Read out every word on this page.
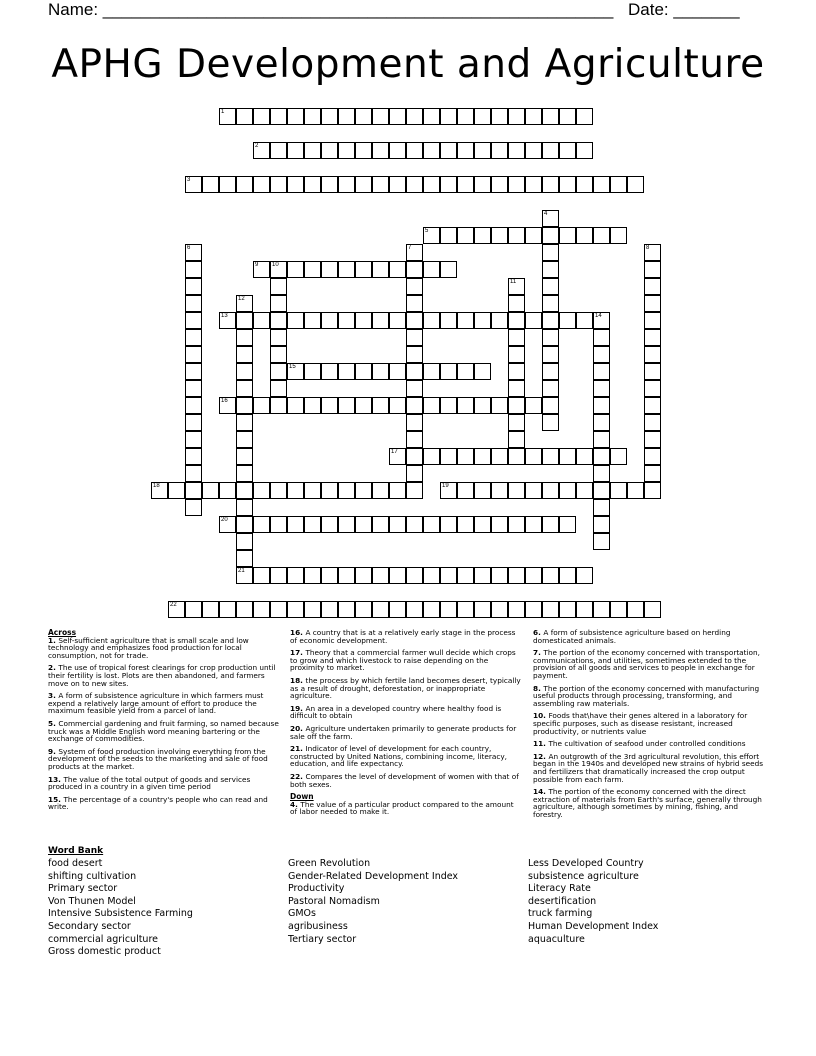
Name: ______________________________________________________ Date: _______
APHG Development and Agriculture
1
2
3
4
5
6	7	8
9 10
11
12
13	14
15
16
17
18	19
20
21
22
Across
1. Self-sufficient agriculture that is small scale and low technology and emphasizes food production for local consumption, not for trade.
2. The use of tropical forest clearings for crop production until their fertility is lost. Plots are then abandoned, and farmers move on to new sites.
3. A form of subsistence agriculture in which farmers must expend a relatively large amount of effort to produce the maximum feasible yield from a parcel of land.
5. Commercial gardening and fruit farming, so named because truck was a Middle English word meaning bartering or the exchange of commodities.
9. System of food production involving everything from the development of the seeds to the marketing and sale of food products at the market.
13. The value of the total output of goods and services produced in a country in a given time period
15. The percentage of a country's people who can read and write.
16. A country that is at a relatively early stage in the process of economic development.
17. Theory that a commercial farmer wull decide which crops to grow and which livestock to raise depending on the proximity to market.
18. the process by which fertile land becomes desert, typically as a result of drought, deforestation, or inappropriate agriculture.
19. An area in a developed country where healthy food is difficult to obtain
20. Agriculture undertaken primarily to generate products for sale off the farm.
21. Indicator of level of development for each country, constructed by United Nations, combining income, literacy, education, and life expectancy.
22. Compares the level of development of women with that of both sexes.
Down
4. The value of a particular product compared to the amount of labor needed to make it.
6. A form of subsistence agriculture based on herding domesticated animals.
7. The portion of the economy concerned with transportation, communications, and utilities, sometimes extended to the provision of all goods and services to people in exchange for payment.
8. The portion of the economy concerned with manufacturing useful products through processing, transforming, and assembling raw materials.
10. Foods that\have their genes altered in a laboratory for specific purposes, such as disease resistant, increased productivity, or nutrients value
11. The cultivation of seafood under controlled conditions
12. An outgrowth of the 3rd agricultural revolution, this effort began in the 1940s and developed new strains of hybrid seeds and fertilizers that dramatically increased the crop output possible from each farm.
14. The portion of the economy concerned with the direct extraction of materials from Earth's surface, generally through agriculture, although sometimes by mining, fishing, and forestry.
Word Bank
food desert
shifting cultivation
Primary sector
Von Thunen Model
Intensive Subsistence Farming
Secondary sector
commercial agriculture
Gross domestic product
Green Revolution
Gender-Related Development Index
Productivity
Pastoral Nomadism
GMOs
agribusiness
Tertiary sector
Less Developed Country
subsistence agriculture
Literacy Rate
desertification
truck farming
Human Development Index
aquaculture
